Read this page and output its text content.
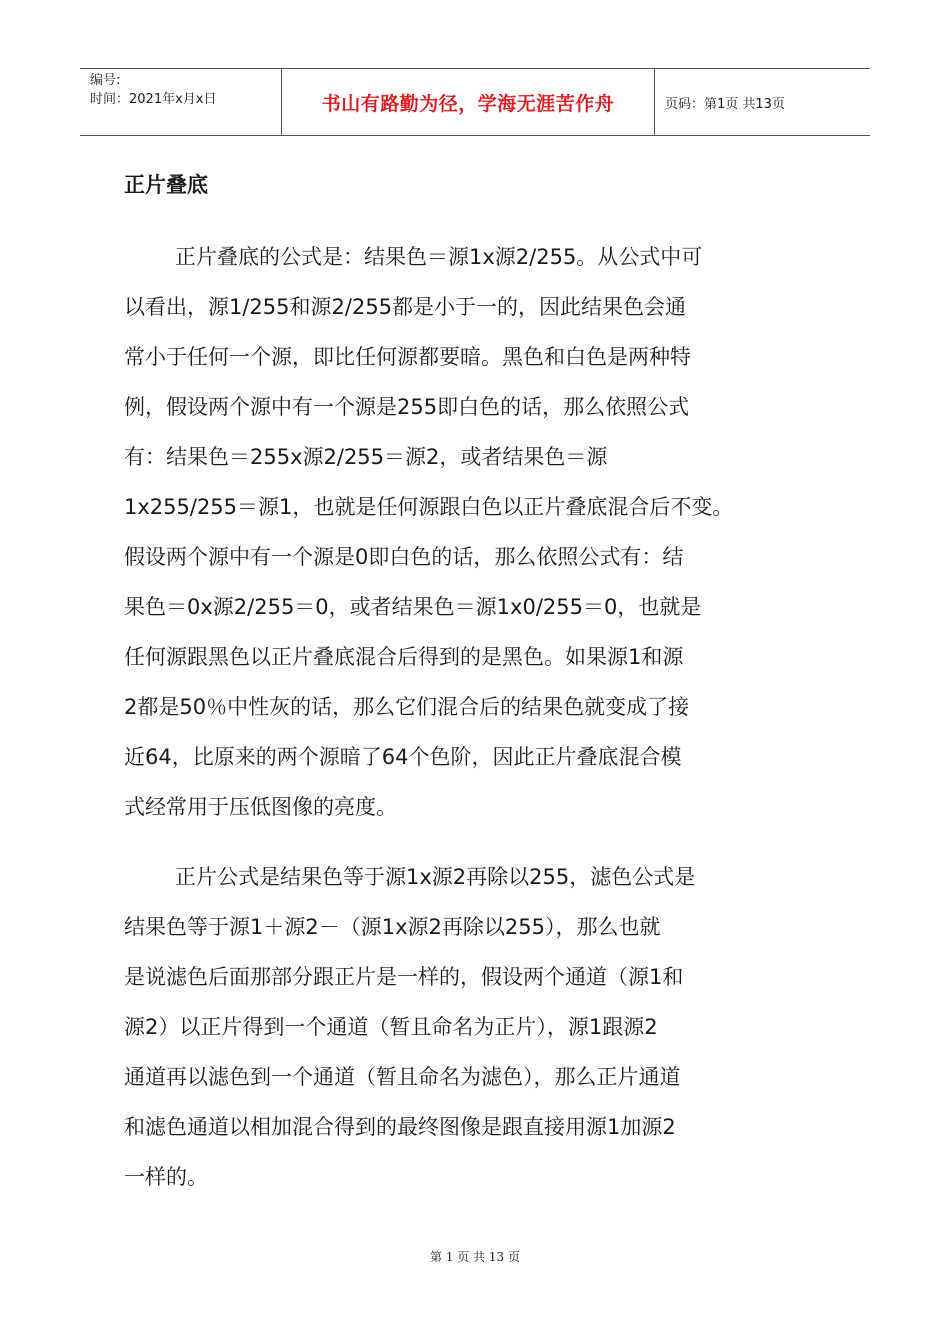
编号:
时间：2021年x月x日	书山有路勤为径，学海无涯苦作舟	页码：第1页 共13页
正片叠底

正片叠底的公式是：结果色＝源1x源2/255。从公式中可
以看出，源1/255和源2/255都是小于一的，因此结果色会通
常小于任何一个源，即比任何源都要暗。黑色和白色是两种特
例，假设两个源中有一个源是255即白色的话，那么依照公式
有：结果色＝255x源2/255＝源2，或者结果色＝源
1x255/255＝源1，也就是任何源跟白色以正片叠底混合后不变。
假设两个源中有一个源是0即白色的话，那么依照公式有：结
果色＝0x源2/255＝0，或者结果色＝源1x0/255＝0，也就是
任何源跟黑色以正片叠底混合后得到的是黑色。如果源1和源
2都是50％中性灰的话，那么它们混合后的结果色就变成了接
近64，比原来的两个源暗了64个色阶，因此正片叠底混合模
式经常用于压低图像的亮度。

正片公式是结果色等于源1x源2再除以255，滤色公式是
结果色等于源1＋源2－（源1x源2再除以255），那么也就
是说滤色后面那部分跟正片是一样的，假设两个通道（源1和
源2）以正片得到一个通道（暂且命名为正片），源1跟源2
通道再以滤色到一个通道（暂且命名为滤色），那么正片通道
和滤色通道以相加混合得到的最终图像是跟直接用源1加源2
一样的。

第 1 页 共 13 页
